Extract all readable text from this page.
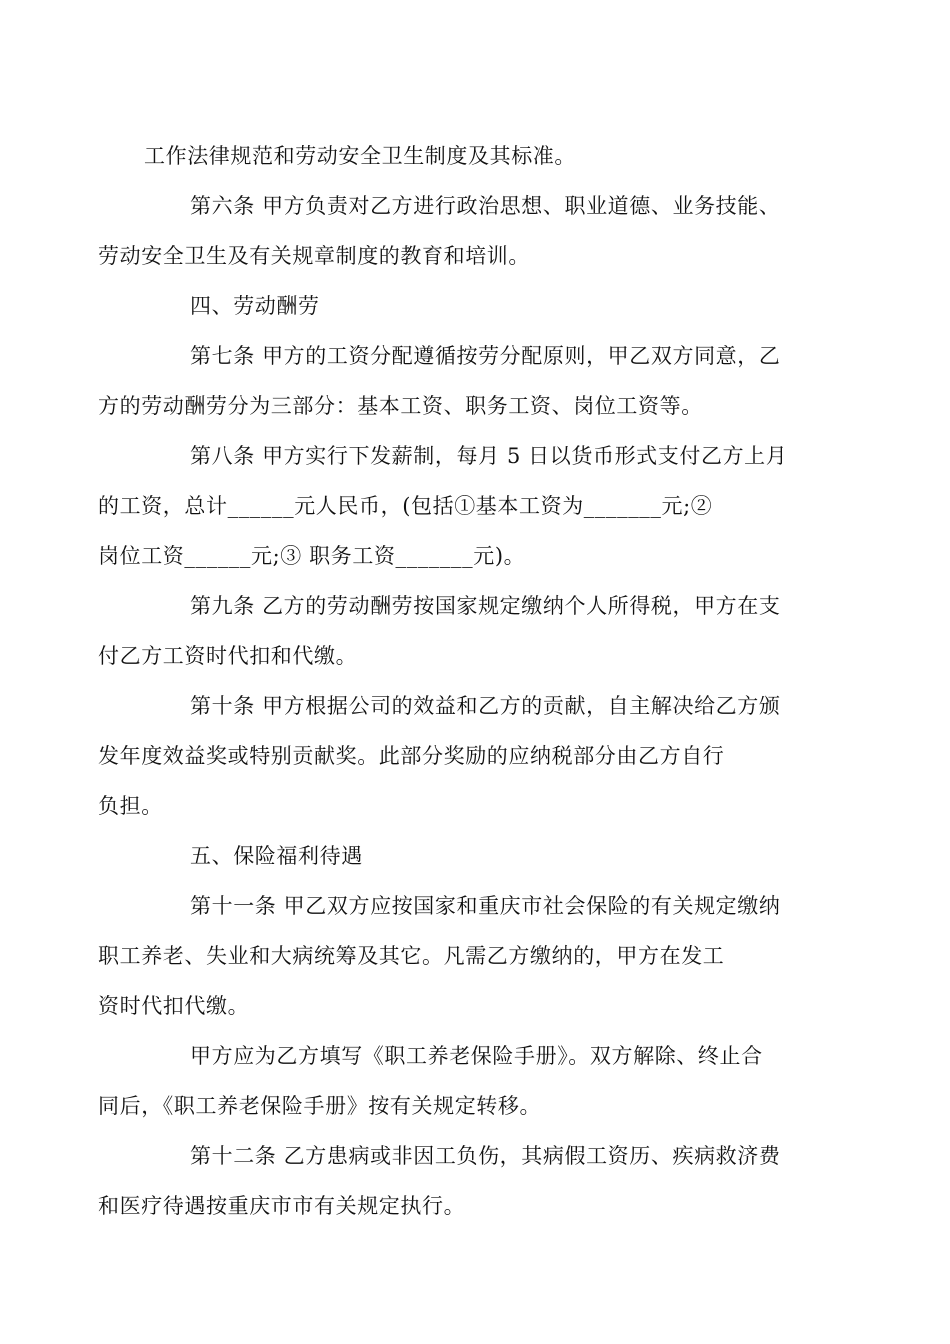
工作法律规范和劳动安全卫生制度及其标准。
第六条 甲方负责对乙方进行政治思想、职业道德、业务技能、
劳动安全卫生及有关规章制度的教育和培训。
四、劳动酬劳
第七条 甲方的工资分配遵循按劳分配原则，甲乙双方同意，乙
方的劳动酬劳分为三部分：基本工资、职务工资、岗位工资等。
第八条 甲方实行下发薪制，每月 5 日以货币形式支付乙方上月
的工资，总计______元人民币，(包括①基本工资为_______元;②
岗位工资______元;③ 职务工资_______元)。
第九条 乙方的劳动酬劳按国家规定缴纳个人所得税，甲方在支
付乙方工资时代扣和代缴。
第十条 甲方根据公司的效益和乙方的贡献，自主解决给乙方颁
发年度效益奖或特别贡献奖。此部分奖励的应纳税部分由乙方自行
负担。
五、保险福利待遇
第十一条 甲乙双方应按国家和重庆市社会保险的有关规定缴纳
职工养老、失业和大病统筹及其它。凡需乙方缴纳的，甲方在发工
资时代扣代缴。
甲方应为乙方填写《职工养老保险手册》。双方解除、终止合
同后，《职工养老保险手册》按有关规定转移。
第十二条 乙方患病或非因工负伤，其病假工资历、疾病救济费
和医疗待遇按重庆市市有关规定执行。
